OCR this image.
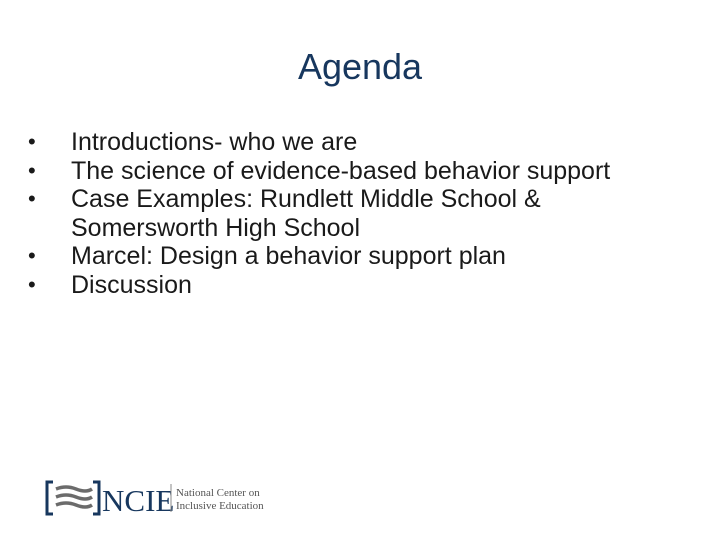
Agenda
• Introductions- who we are
• The science of evidence-based behavior support
• Case Examples: Rundlett Middle School & Somersworth High School
• Marcel: Design a behavior support plan
• Discussion
NCIE National Center on
Inclusive Education
